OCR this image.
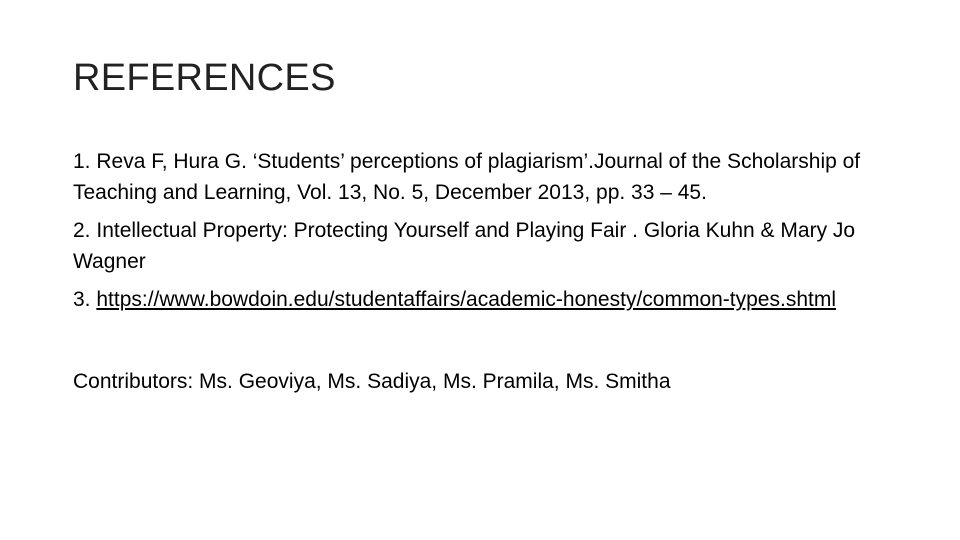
REFERENCES
1. Reva F, Hura G. ‘Students’ perceptions of plagiarism’.Journal of the Scholarship of Teaching and Learning, Vol. 13, No. 5, December 2013, pp. 33 – 45.
2. Intellectual Property: Protecting Yourself and Playing Fair . Gloria Kuhn & Mary Jo Wagner
3. https://www.bowdoin.edu/studentaffairs/academic-honesty/common-types.shtml
Contributors: Ms. Geoviya, Ms. Sadiya, Ms. Pramila, Ms. Smitha
